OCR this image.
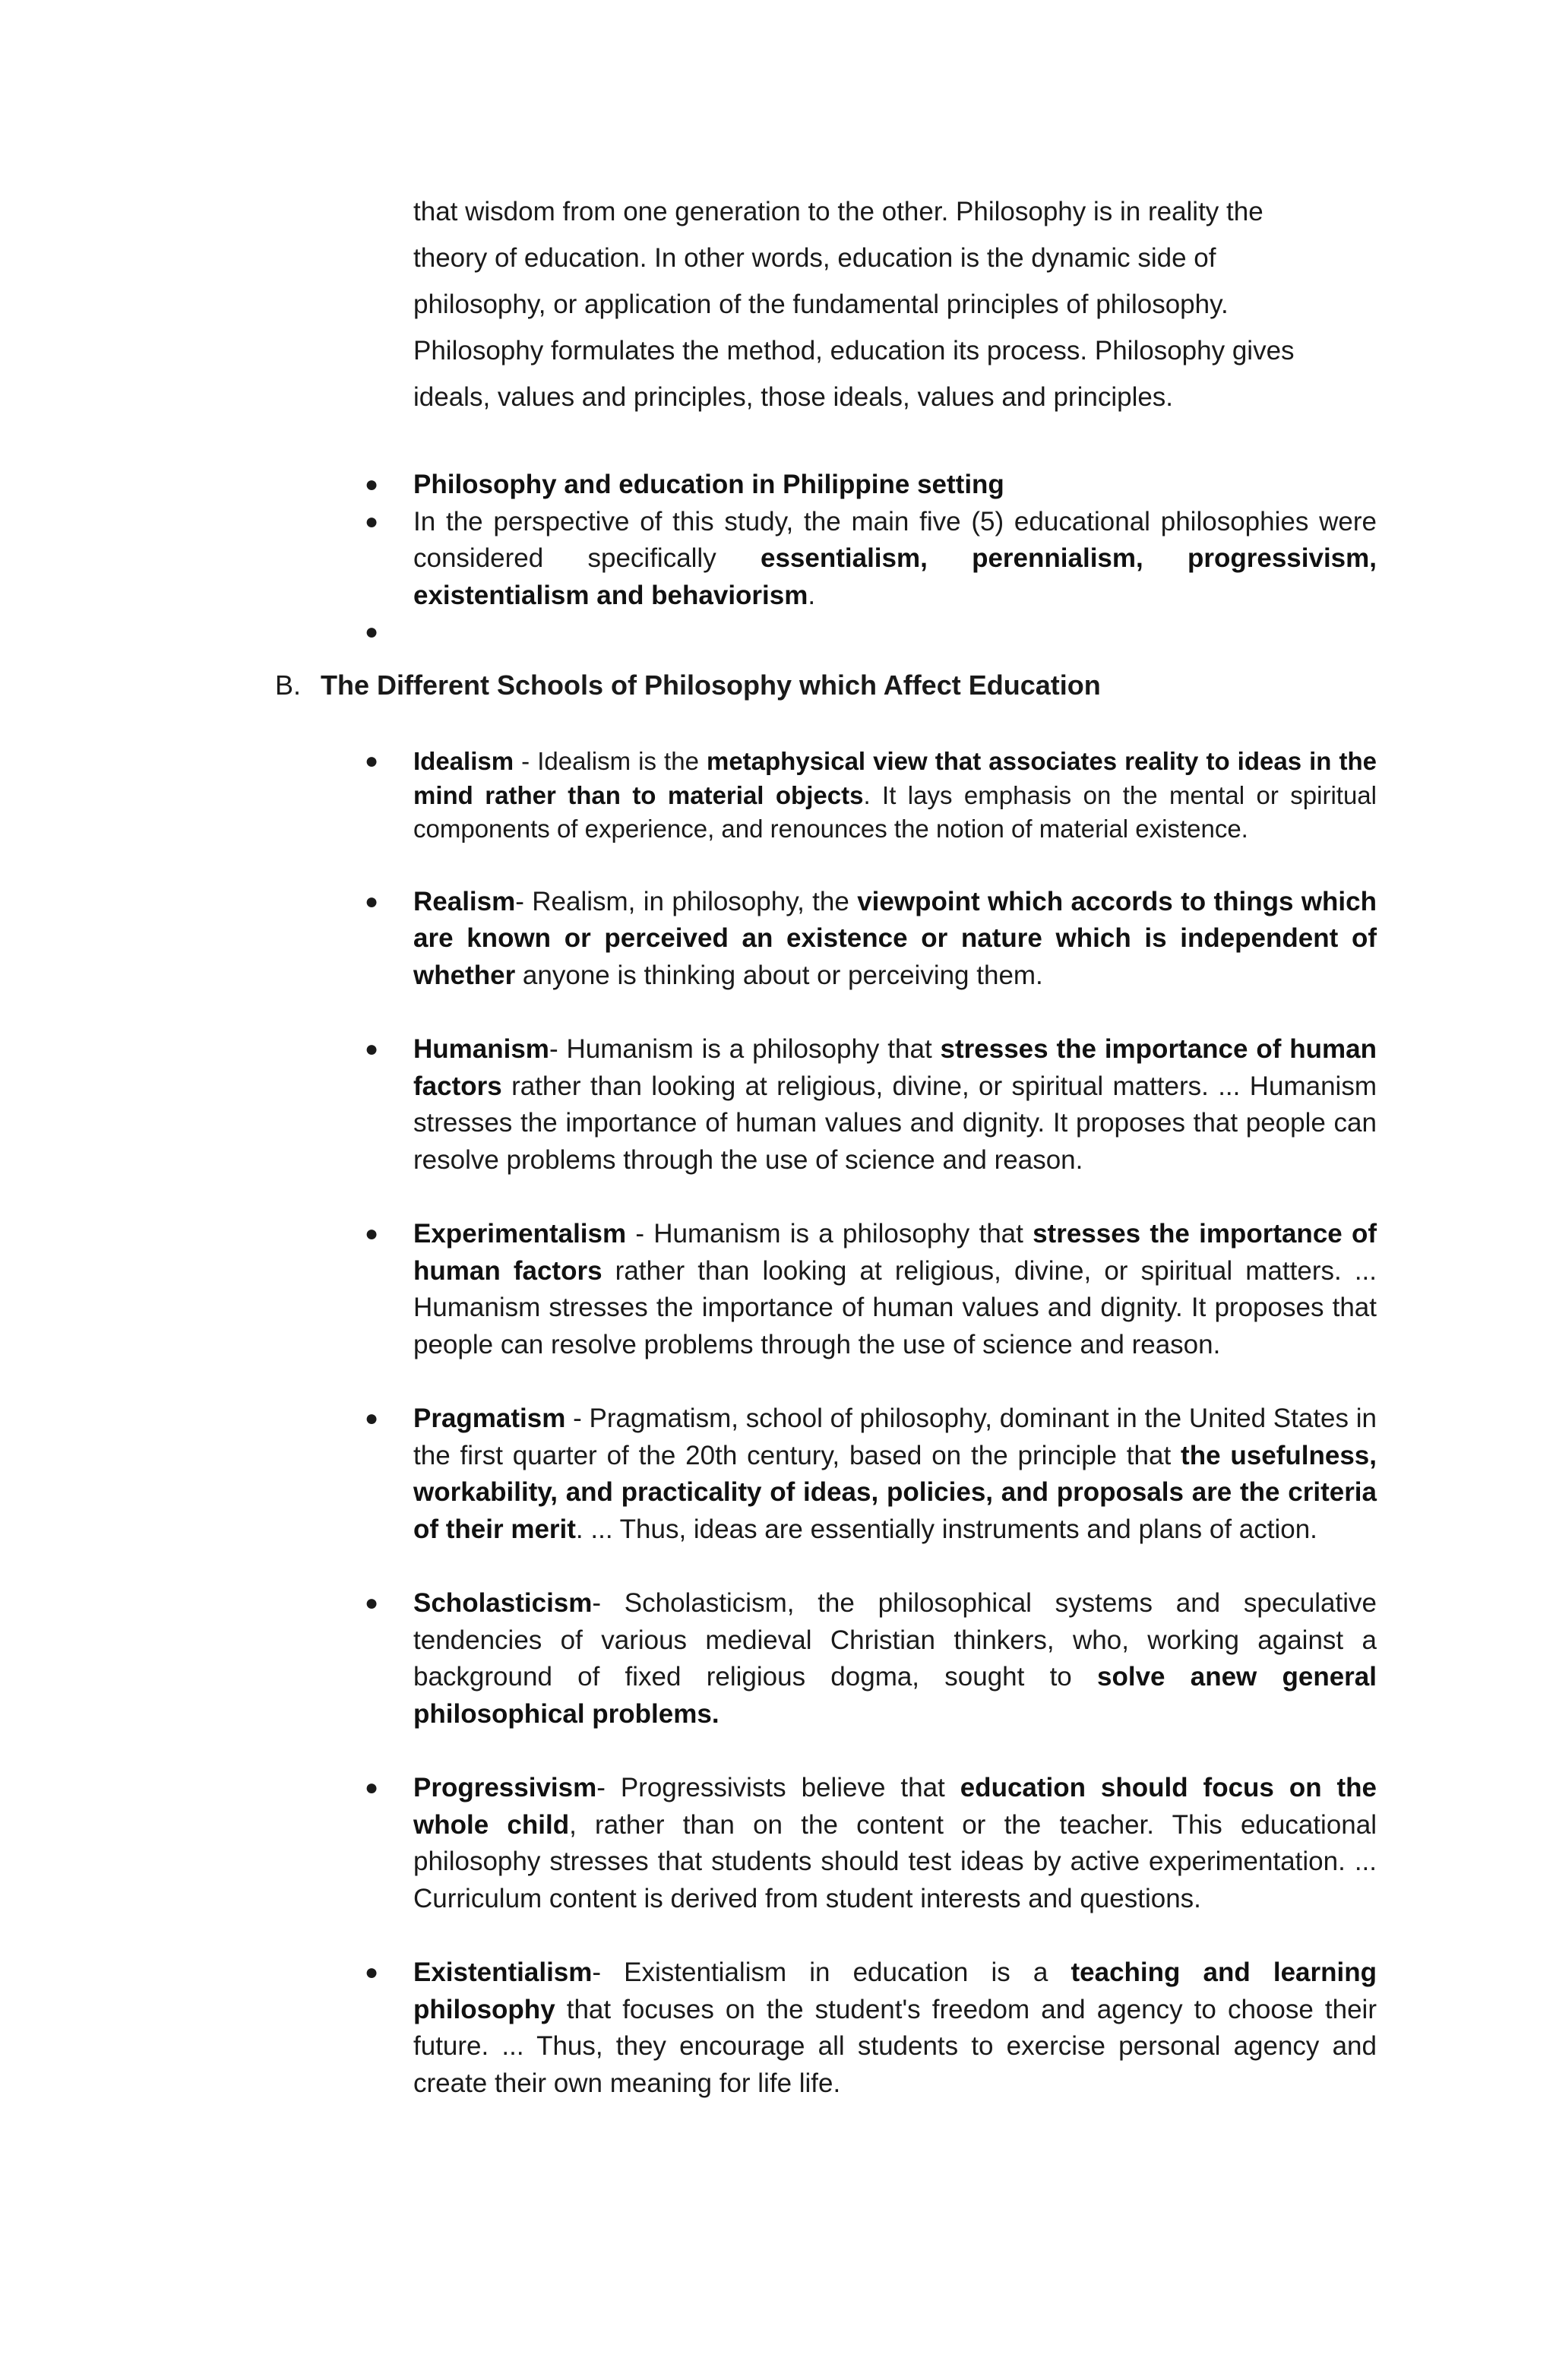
that wisdom from one generation to the other. Philosophy is in reality the
theory of education. In other words, education is the dynamic side of
philosophy, or application of the fundamental principles of philosophy.
Philosophy formulates the method, education its process. Philosophy gives
ideals, values and principles, those ideals, values and principles.

● Philosophy and education in Philippine setting
● In the perspective of this study, the main five (5) educational philosophies were considered specifically essentialism, perennialism, progressivism, existentialism and behaviorism.
●
B. The Different Schools of Philosophy which Affect Education
● Idealism - Idealism is the metaphysical view that associates reality to ideas in the mind rather than to material objects. It lays emphasis on the mental or spiritual components of experience, and renounces the notion of material existence.
● Realism- Realism, in philosophy, the viewpoint which accords to things which are known or perceived an existence or nature which is independent of whether anyone is thinking about or perceiving them.
● Humanism- Humanism is a philosophy that stresses the importance of human factors rather than looking at religious, divine, or spiritual matters. ... Humanism stresses the importance of human values and dignity. It proposes that people can resolve problems through the use of science and reason.
● Experimentalism - Humanism is a philosophy that stresses the importance of human factors rather than looking at religious, divine, or spiritual matters. ... Humanism stresses the importance of human values and dignity. It proposes that people can resolve problems through the use of science and reason.
● Pragmatism - Pragmatism, school of philosophy, dominant in the United States in the first quarter of the 20th century, based on the principle that the usefulness, workability, and practicality of ideas, policies, and proposals are the criteria of their merit. ... Thus, ideas are essentially instruments and plans of action.
● Scholasticism- Scholasticism, the philosophical systems and speculative tendencies of various medieval Christian thinkers, who, working against a background of fixed religious dogma, sought to solve anew general philosophical problems.
● Progressivism- Progressivists believe that education should focus on the whole child, rather than on the content or the teacher. This educational philosophy stresses that students should test ideas by active experimentation. ... Curriculum content is derived from student interests and questions.
● Existentialism- Existentialism in education is a teaching and learning philosophy that focuses on the student's freedom and agency to choose their future. ... Thus, they encourage all students to exercise personal agency and create their own meaning for life life.
